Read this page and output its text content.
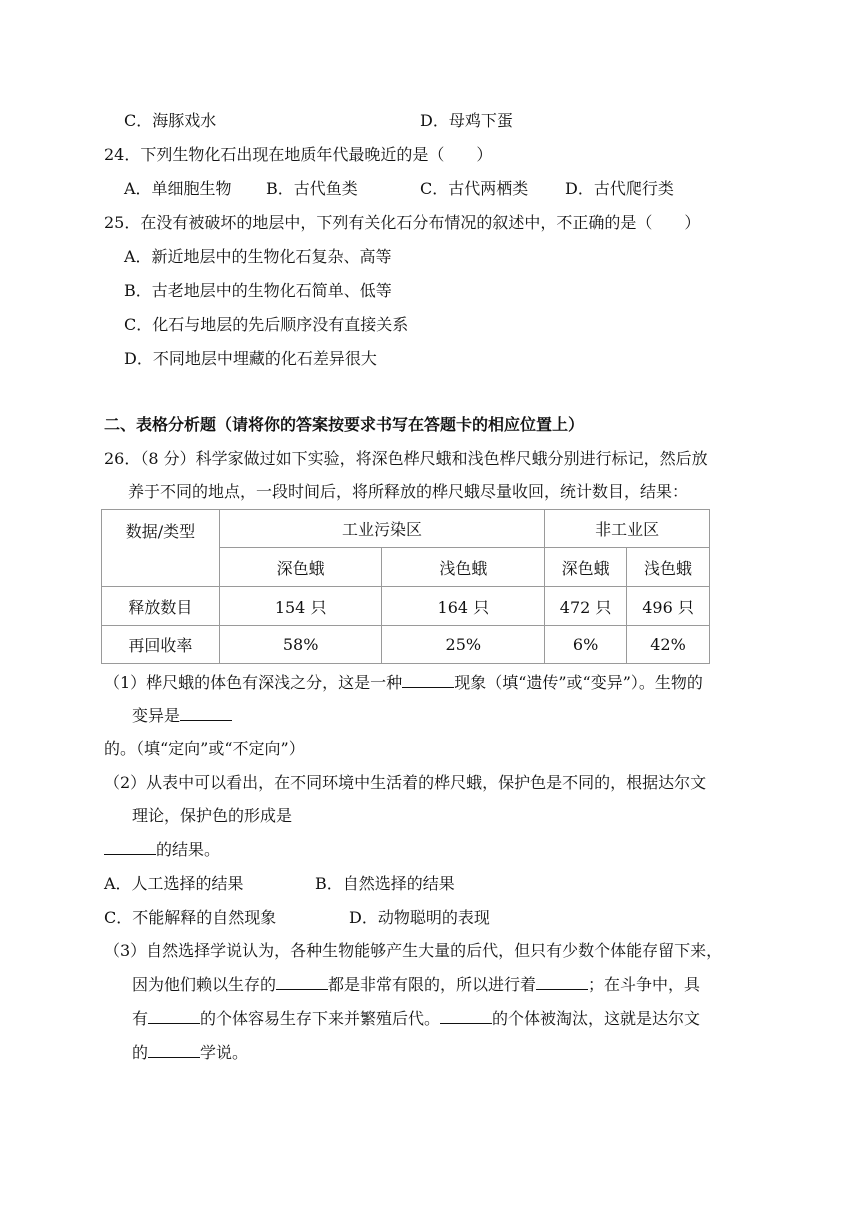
C．海豚戏水	D．母鸡下蛋
24．下列生物化石出现在地质年代最晚近的是（　　）
A．单细胞生物 B．古代鱼类	C．古代两栖类 D．古代爬行类
25．在没有被破坏的地层中，下列有关化石分布情况的叙述中，不正确的是（　　）
A．新近地层中的生物化石复杂、高等
B．古老地层中的生物化石简单、低等
C．化石与地层的先后顺序没有直接关系
D．不同地层中埋藏的化石差异很大
二、表格分析题（请将你的答案按要求书写在答题卡的相应位置上）
26．（8 分）科学家做过如下实验，将深色桦尺蛾和浅色桦尺蛾分别进行标记，然后放
养于不同的地点，一段时间后，将所释放的桦尺蛾尽量收回，统计数目，结果：
数据/类型	工业污染区		非工业区	
	深色蛾	浅色蛾	深色蛾	浅色蛾
释放数目	154 只	164 只	472 只	496 只
再回收率	58%	25%	6%	42%
（1）桦尺蛾的体色有深浅之分，这是一种	现象（填“遗传”或“变异”）。生物的
变异是
的。（填“定向”或“不定向”）
（2）从表中可以看出，在不同环境中生活着的桦尺蛾，保护色是不同的，根据达尔文
理论，保护色的形成是
的结果。
A．人工选择的结果	B．自然选择的结果
C．不能解释的自然现象	D．动物聪明的表现
（3）自然选择学说认为，各种生物能够产生大量的后代，但只有少数个体能存留下来，
因为他们赖以生存的	都是非常有限的，所以进行着	；在斗争中，具
有	的个体容易生存下来并繁殖后代。	的个体被淘汰，这就是达尔文
的	学说。
